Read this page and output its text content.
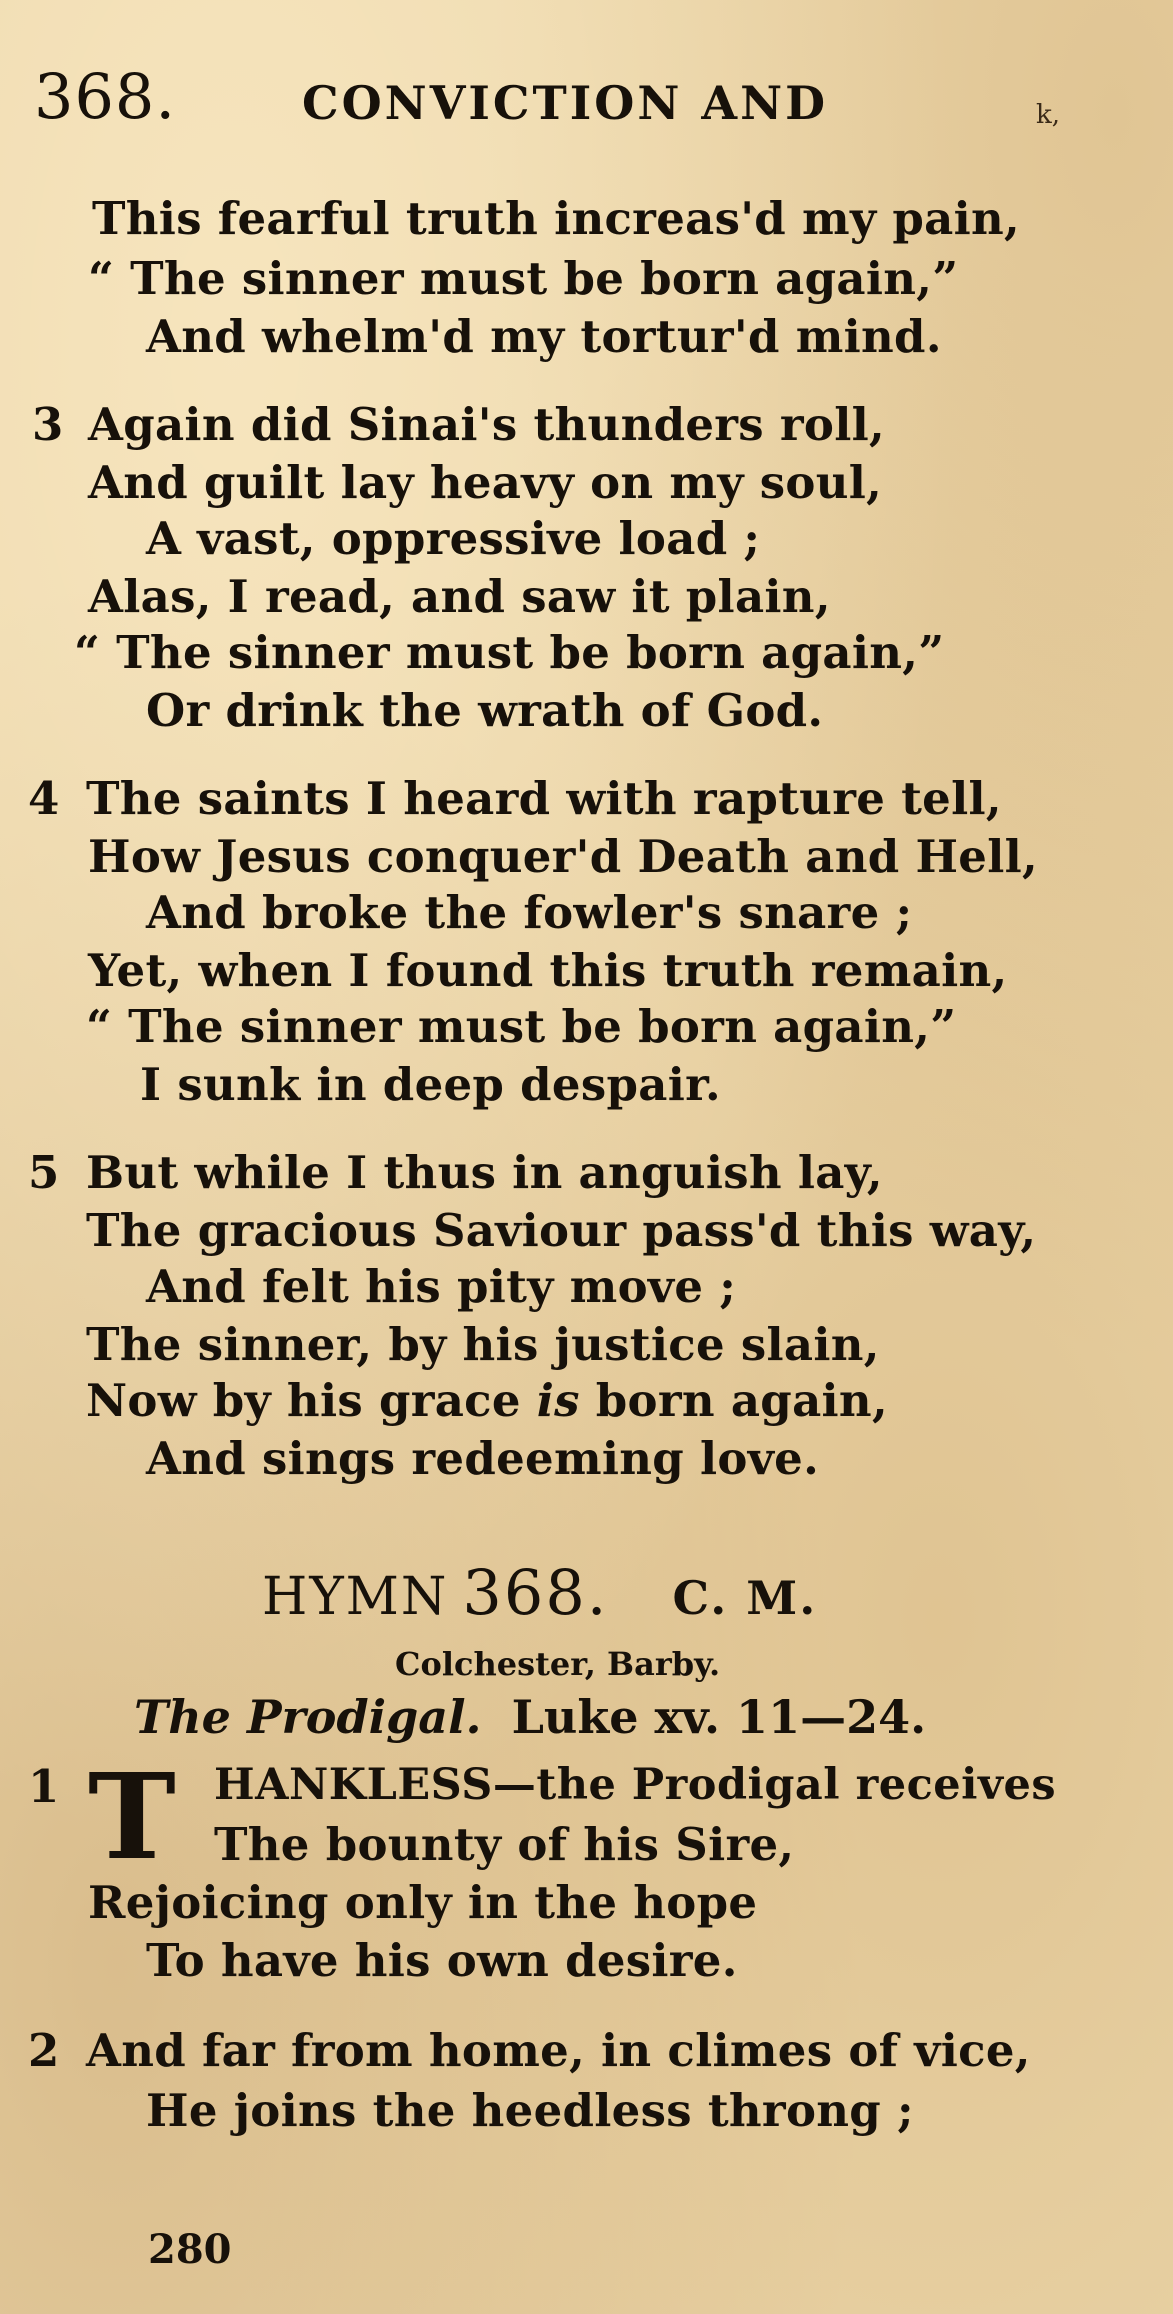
368.	CONVICTION AND	k,
This fearful truth increas'd my pain,
“ The sinner must be born again,”
And whelm'd my tortur'd mind.
3 Again did Sinai's thunders roll,
And guilt lay heavy on my soul,
A vast, oppressive load ;
Alas, I read, and saw it plain,
“ The sinner must be born again,”
Or drink the wrath of God.
4 The saints I heard with rapture tell,
How Jesus conquer'd Death and Hell,
And broke the fowler's snare ;
Yet, when I found this truth remain,
“ The sinner must be born again,”
I sunk in deep despair.
5 But while I thus in anguish lay,
The gracious Saviour pass'd this way,
And felt his pity move ;
The sinner, by his justice slain,
Now by his grace is born again,
And sings redeeming love.
HYMN 368. C. M.
Colchester, Barby.
The Prodigal. Luke xv. 11—24.
1 T HANKLESS—the Prodigal receives
The bounty of his Sire,
Rejoicing only in the hope
To have his own desire.
2 And far from home, in climes of vice,
He joins the heedless throng ;
280
